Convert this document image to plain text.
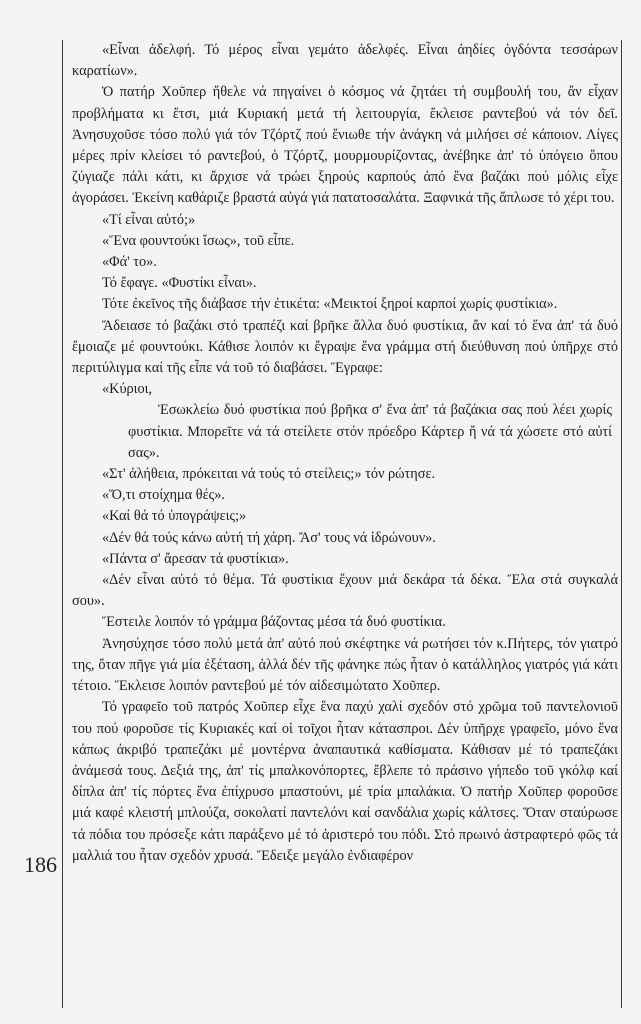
186

«Εἶναι ἀδελφή. Τό μέρος εἶναι γεμάτο ἀδελφές. Εἶναι ἀηδίες ὀγδόντα τεσσάρων καρατίων».

Ὁ πατήρ Χοῦπερ ἤθελε νά πηγαίνει ὁ κόσμος νά ζητάει τή συμβουλή του, ἄν εἶχαν προβλήματα κι ἔτσι, μιά Κυριακή μετά τή λειτουργία, ἔκλεισε ραντεβού νά τόν δεῖ. Ἀνησυχοῦσε τόσο πολύ γιά τόν Τζόρτζ πού ἔνιωθε τήν ἀνάγκη νά μιλήσει σέ κάποιον. Λίγες μέρες πρίν κλείσει τό ραντεβού, ὁ Τζόρτζ, μουρμουρίζοντας, ἀνέβηκε ἀπ' τό ὑπόγειο ὅπου ζύγιαζε πάλι κάτι, κι ἄρχισε νά τρώει ξηρούς καρπούς ἀπό ἕνα βαζάκι πού μόλις εἶχε ἀγοράσει. Ἐκείνη καθάριζε βραστά αὐγά γιά πατατοσαλάτα. Ξαφνικά τῆς ἅπλωσε τό χέρι του.

«Τί εἶναι αὐτό;»

«Ἕνα φουντούκι ἴσως», τοῦ εἶπε.

«Φά' το».

Τό ἔφαγε. «Φυστίκι εἶναι».

Τότε ἐκεῖνος τῆς διάβασε τήν ἐτικέτα: «Μεικτοί ξηροί καρποί χωρίς φυστίκια».

Ἄδειασε τό βαζάκι στό τραπέζι καί βρῆκε ἄλλα δυό φυστίκια, ἄν καί τό ἕνα ἀπ' τά δυό ἔμοιαζε μέ φουντούκι. Κάθισε λοιπόν κι ἔγραψε ἕνα γράμμα στή διεύθυνση πού ὑπῆρχε στό περιτύλιγμα καί τῆς εἶπε νά τοῦ τό διαβάσει. Ἔγραφε:

«Κύριοι,

Ἐσωκλείω δυό φυστίκια πού βρῆκα σ' ἕνα ἀπ' τά βαζάκια σας πού λέει χωρίς φυστίκια. Μπορεῖτε νά τά στείλετε στόν πρόεδρο Κάρτερ ἤ νά τά χώσετε στό αὐτί σας».

«Στ' ἀλήθεια, πρόκειται νά τούς τό στείλεις;» τόν ρώτησε.

«Ὅ,τι στοίχημα θές».

«Καί θά τό ὑπογράψεις;»

«Δέν θά τούς κάνω αὐτή τή χάρη. Ἄσ' τους νά ἱδρώνουν».

«Πάντα σ' ἄρεσαν τά φυστίκια».

«Δέν εἶναι αὐτό τό θέμα. Τά φυστίκια ἔχουν μιά δεκάρα τά δέκα. Ἔλα στά συγκαλά σου».

Ἔστειλε λοιπόν τό γράμμα βάζοντας μέσα τά δυό φυστίκια.

Ἀνησύχησε τόσο πολύ μετά ἀπ' αὐτό πού σκέφτηκε νά ρωτήσει τόν κ.Πήτερς, τόν γιατρό της, ὅταν πῆγε γιά μία ἐξέταση, ἀλλά δέν τῆς φάνηκε πώς ἦταν ὁ κατάλληλος γιατρός γιά κάτι τέτοιο. Ἔκλεισε λοιπόν ραντεβού μέ τόν αἰδεσιμώτατο Χοῦπερ.

Τό γραφεῖο τοῦ πατρός Χοῦπερ εἶχε ἕνα παχύ χαλί σχεδόν στό χρῶμα τοῦ παντελονιοῦ του πού φοροῦσε τίς Κυριακές καί οἱ τοῖχοι ἦταν κάτασπροι. Δέν ὑπῆρχε γραφεῖο, μόνο ἕνα κάπως ἀκριβό τραπεζάκι μέ μοντέρνα ἀναπαυτικά καθίσματα. Κάθισαν μέ τό τραπεζάκι ἀνάμεσά τους. Δεξιά της, ἀπ' τίς μπαλκονόπορτες, ἔβλεπε τό πράσινο γήπεδο τοῦ γκόλφ καί δίπλα ἀπ' τίς πόρτες ἕνα ἐπίχρυσο μπαστούνι, μέ τρία μπαλάκια. Ὁ πατήρ Χοῦπερ φοροῦσε μιά καφέ κλειστή μπλούζα, σοκολατί παντελόνι καί σανδάλια χωρίς κάλτσες. Ὅταν σταύρωσε τά πόδια του πρόσεξε κάτι παράξενο μέ τό ἀριστερό του πόδι. Στό πρωινό ἀστραφτερό φῶς τά μαλλιά του ἦταν σχεδόν χρυσά. Ἔδειξε μεγάλο ἐνδιαφέρον
